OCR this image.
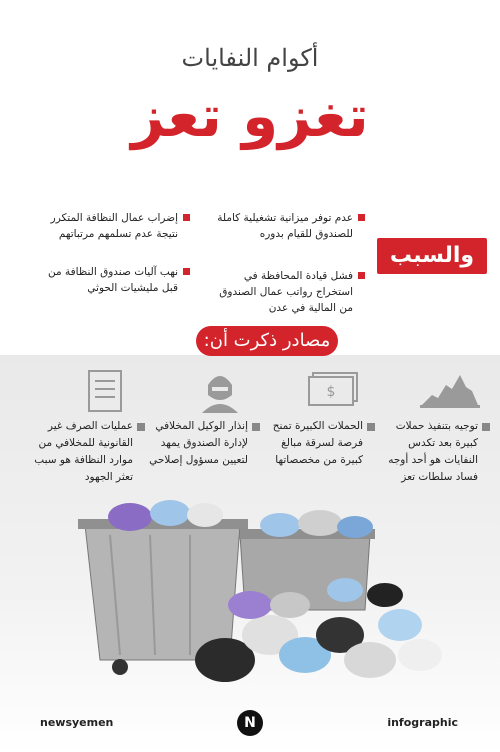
أكوام النفايات
تغزو تعز
والسبب
عدم توفر ميزانية تشغيلية كاملة للصندوق للقيام بدوره
فشل قيادة المحافظة في استخراج رواتب عمال الصندوق من المالية في عدن
إضراب عمال النظافة المتكرر نتيجة عدم تسلمهم مرتباتهم
نهب آليات صندوق النظافة من قبل مليشيات الحوثي
مصادر ذكرت أن:
توجيه بتنفيذ حملات كبيرة بعد تكدس النفايات هو أحد أوجه فساد سلطات تعز
$
الحملات الكبيرة تمنح فرصة لسرقة مبالغ كبيرة من مخصصاتها
إنذار الوكيل المخلافي لإدارة الصندوق يمهد لتعيين مسؤول إصلاحي
عمليات الصرف غير القانونية للمخلافي من موارد النظافة هو سبب تعثر الجهود
newsyemen	N	infographic
